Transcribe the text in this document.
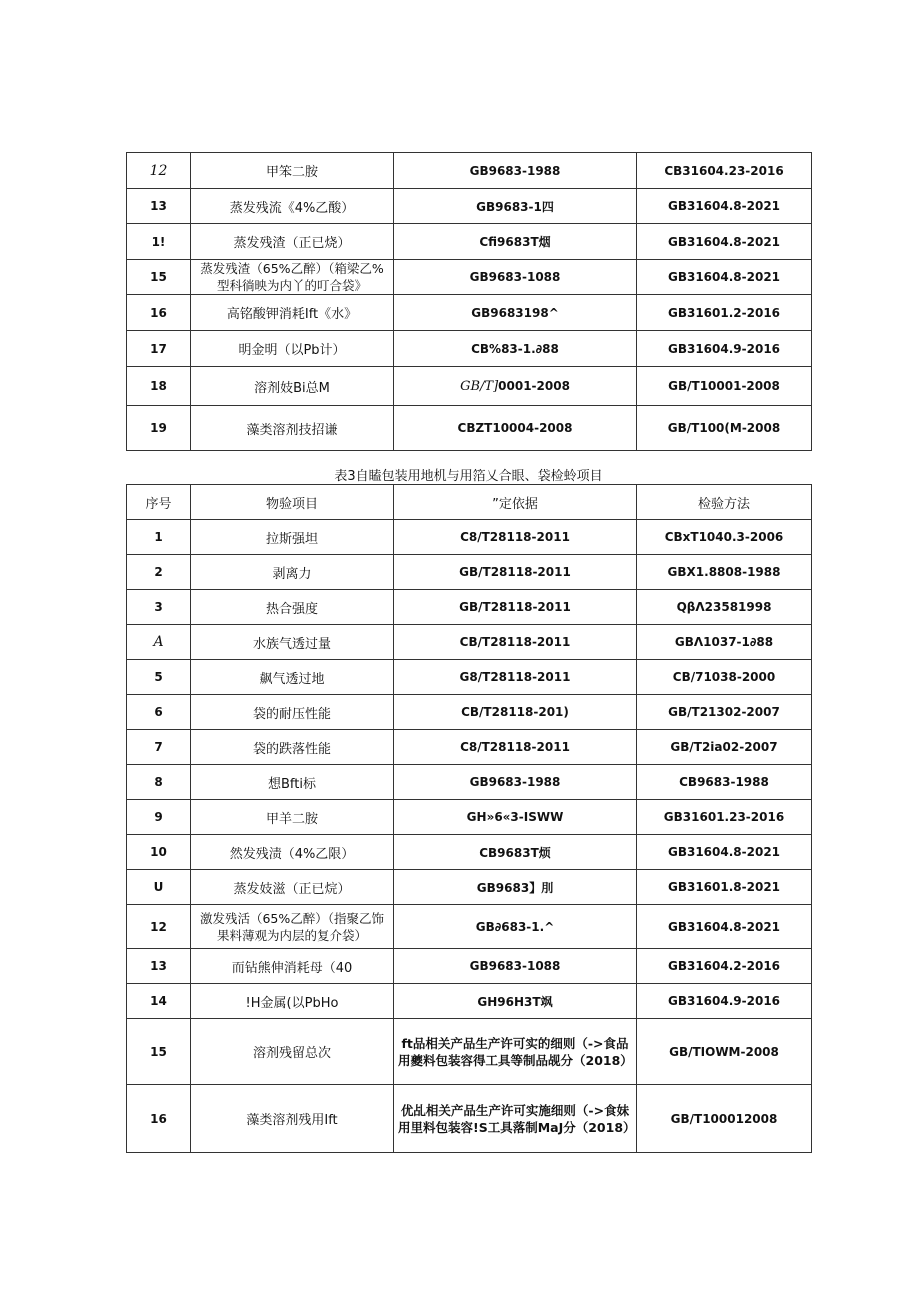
12	甲笨二胺	GB9683-1988	CB31604.23-2016
13	蒸发残流《4%乙酸）	GB9683-1四	GB31604.8-2021
1!	蒸发残渣（正已烧）	Cfi9683T烟	GB31604.8-2021
15	蒸发残渣（65%乙醉）（箱梁乙%型科徜映为内丫的叮合袋》	GB9683-1088	GB31604.8-2021
16	高铭酸钾消耗Ift《水》	GB9683198^	GB31601.2-2016
17	明金明（以Pb计）	CB%83-1.∂88	GB31604.9-2016
18	溶剂妓Bi总M	GB/T]0001-2008	GB/T10001-2008
19	藻类溶剂技招谦	CBZT10004-2008	GB/T100(M-2008
表3自瞌包装用地机与用箔乂合眼、袋检蛉项目
序号	物验项目	”定依据	检验方法
1	拉斯强坦	C8/T28118-2011	CBxT1040.3-2006
2	剥离力	GB/T28118-2011	GBX1.8808-1988
3	热合强度	GB/T28118-2011	QβΛ23581998
A	水族气透过量	CB/T28118-2011	GBΛ1037-1∂88
5	飙气透过地	G8/T28118-2011	CB/71038-2000
6	袋的耐压性能	CB/T28118-201)	GB/T21302-2007
7	袋的跌落性能	C8/T28118-2011	GB/T2ia02-2007
8	想Bfti标	GB9683-1988	CB9683-1988
9	甲羊二胺	GH»6«3-ISWW	GB31601.23-2016
10	然发残渍（4%乙限）	CB9683T烦	GB31604.8-2021
U	蒸发妓滋（正已烷）	GB9683】刖	GB31601.8-2021
12	激发残活（65%乙醉）（指聚乙饰果料薄观为内层的复介袋）	GB∂683-1.^	GB31604.8-2021
13	而钻熊伸消耗母（40	GB9683-1088	GB31604.2-2016
14	!H金属(以PbHo	GH96H3T飒	GB31604.9-2016
15	溶剂残留总次	ft品相关产品生产许可实的细则（->食品用夔料包装容得工具等制品觇分（2018）	GB/TIOWM-2008
16	藻类溶剂残用Ift	优乩相关产品生产许可实施细则（->食妹用里料包装容!S工具落制MaJ分（2018）	GB/T100012008
